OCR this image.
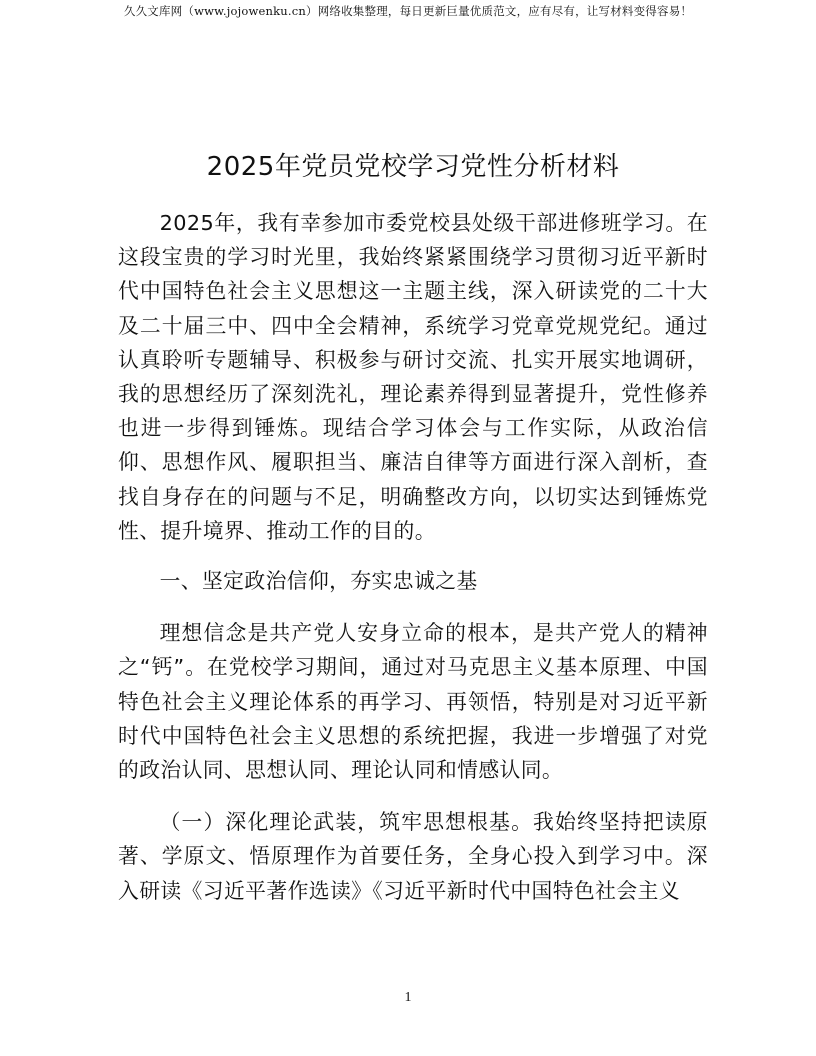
久久文库网（www.jojowenku.cn）网络收集整理，每日更新巨量优质范文，应有尽有，让写材料变得容易！
2025年党员党校学习党性分析材料

2025年，我有幸参加市委党校县处级干部进修班学习。在这段宝贵的学习时光里，我始终紧紧围绕学习贯彻习近平新时代中国特色社会主义思想这一主题主线，深入研读党的二十大及二十届三中、四中全会精神，系统学习党章党规党纪。通过认真聆听专题辅导、积极参与研讨交流、扎实开展实地调研，我的思想经历了深刻洗礼，理论素养得到显著提升，党性修养也进一步得到锤炼。现结合学习体会与工作实际，从政治信仰、思想作风、履职担当、廉洁自律等方面进行深入剖析，查找自身存在的问题与不足，明确整改方向，以切实达到锤炼党性、提升境界、推动工作的目的。

一、坚定政治信仰，夯实忠诚之基

理想信念是共产党人安身立命的根本，是共产党人的精神之“钙”。在党校学习期间，通过对马克思主义基本原理、中国特色社会主义理论体系的再学习、再领悟，特别是对习近平新时代中国特色社会主义思想的系统把握，我进一步增强了对党的政治认同、思想认同、理论认同和情感认同。

（一）深化理论武装，筑牢思想根基。我始终坚持把读原著、学原文、悟原理作为首要任务，全身心投入到学习中。深入研读《习近平著作选读》《习近平新时代中国特色社会主义

1
